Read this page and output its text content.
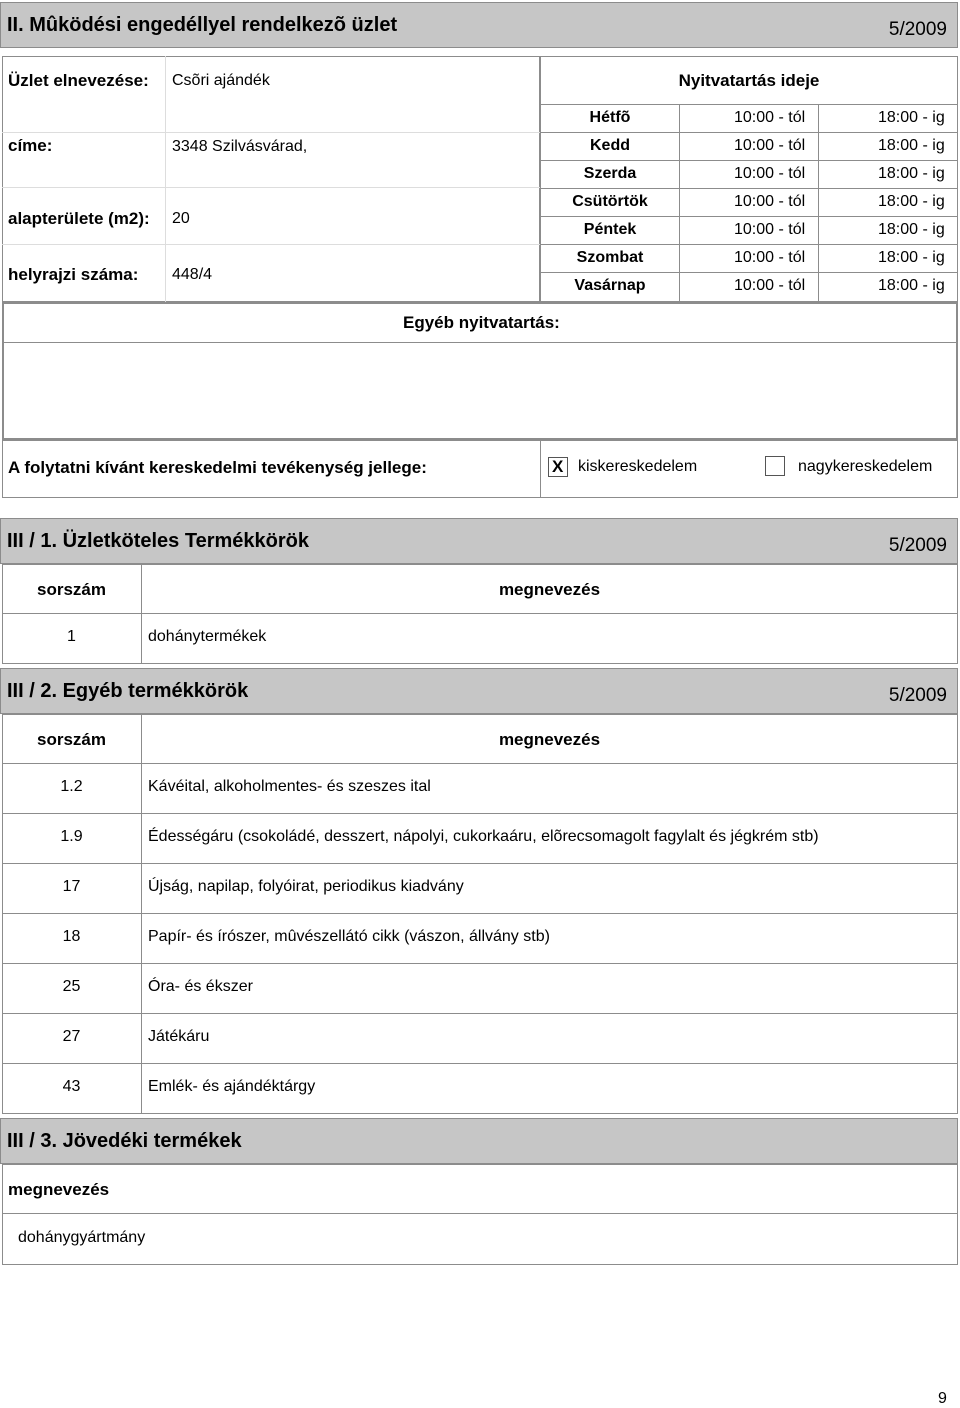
II. Mûködési engedéllyel rendelkezõ üzlet	5/2009
Üzlet elnevezése: Csõri ajándék
címe:	3348 Szilvásvárad,
alapterülete (m2): 20
helyrajzi száma: 448/4
Nyitvatartás ideje
Hétfõ	10:00 - tól	18:00 - ig
Kedd	10:00 - tól	18:00 - ig
Szerda	10:00 - tól	18:00 - ig
Csütörtök	10:00 - tól	18:00 - ig
Péntek	10:00 - tól	18:00 - ig
Szombat	10:00 - tól	18:00 - ig
Vasárnap	10:00 - tól	18:00 - ig
Egyéb nyitvatartás:
A folytatni kívánt kereskedelmi tevékenység jellege:	X kiskereskedelem	nagykereskedelem
III / 1. Üzletköteles Termékkörök	5/2009
sorszám	megnevezés
1	dohánytermékek
III / 2. Egyéb termékkörök	5/2009
sorszám	megnevezés
1.2	Kávéital, alkoholmentes- és szeszes ital
1.9	Édességáru (csokoládé, desszert, nápolyi, cukorkaáru, elõrecsomagolt fagylalt és jégkrém stb)
17	Újság, napilap, folyóirat, periodikus kiadvány
18	Papír- és írószer, mûvészellátó cikk (vászon, állvány stb)
25	Óra- és ékszer
27	Játékáru
43	Emlék- és ajándéktárgy
III / 3. Jövedéki termékek
megnevezés
dohánygyártmány
9
